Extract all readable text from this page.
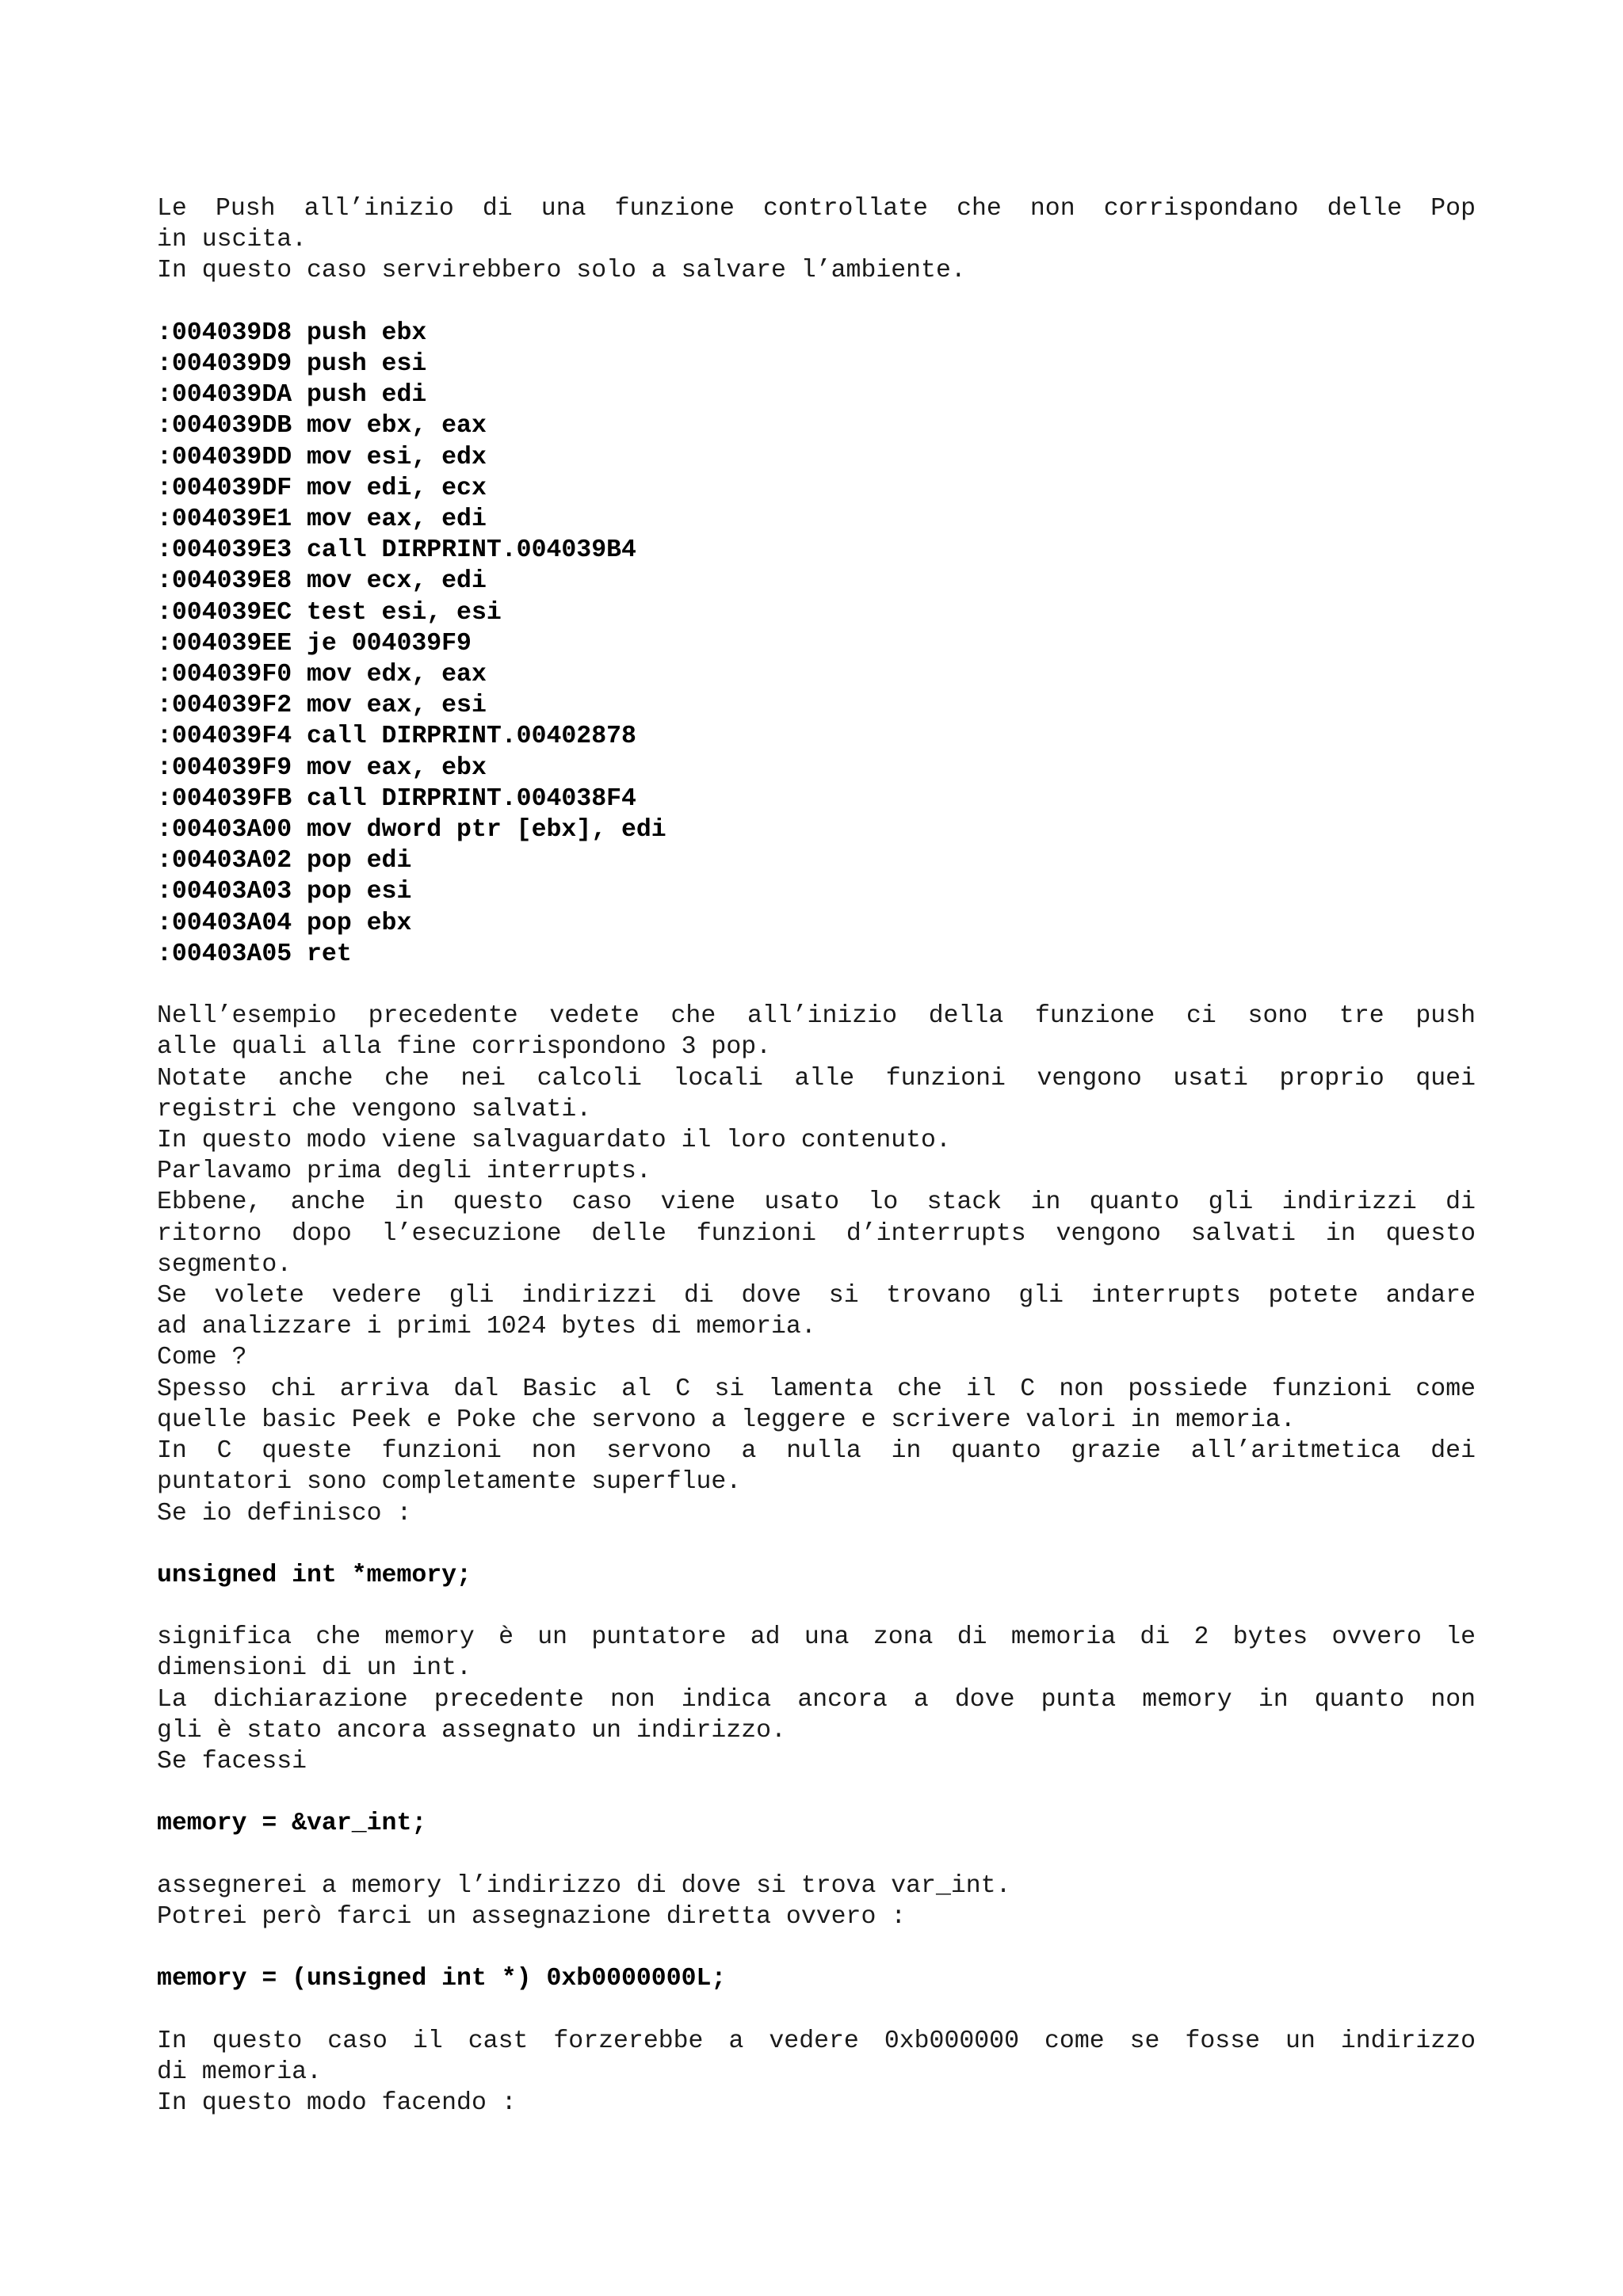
Le Push all’inizio di una funzione controllate che non corrispondano delle Pop
in uscita.
In questo caso servirebbero solo a salvare l’ambiente.
:004039D8 push ebx
:004039D9 push esi
:004039DA push edi
:004039DB mov ebx, eax
:004039DD mov esi, edx
:004039DF mov edi, ecx
:004039E1 mov eax, edi
:004039E3 call DIRPRINT.004039B4
:004039E8 mov ecx, edi
:004039EC test esi, esi
:004039EE je 004039F9
:004039F0 mov edx, eax
:004039F2 mov eax, esi
:004039F4 call DIRPRINT.00402878
:004039F9 mov eax, ebx
:004039FB call DIRPRINT.004038F4
:00403A00 mov dword ptr [ebx], edi
:00403A02 pop edi
:00403A03 pop esi
:00403A04 pop ebx
:00403A05 ret
Nell’esempio precedente vedete che all’inizio della funzione ci sono tre push
alle quali alla fine corrispondono 3 pop.
Notate anche che nei calcoli locali alle funzioni vengono usati proprio quei
registri che vengono salvati.
In questo modo viene salvaguardato il loro contenuto.
Parlavamo prima degli interrupts.
Ebbene, anche in questo caso viene usato lo stack in quanto gli indirizzi di
ritorno dopo l’esecuzione delle funzioni d’interrupts vengono salvati in questo
segmento.
Se volete vedere gli indirizzi di dove si trovano gli interrupts potete andare
ad analizzare i primi 1024 bytes di memoria.
Come ?
Spesso chi arriva dal Basic al C si lamenta che il C non possiede funzioni come
quelle basic Peek e Poke che servono a leggere e scrivere valori in memoria.
In C queste funzioni non servono a nulla in quanto grazie all’aritmetica dei
puntatori sono completamente superflue.
Se io definisco :
unsigned int *memory;
significa che memory è un puntatore ad una zona di memoria di 2 bytes ovvero le
dimensioni di un int.
La dichiarazione precedente non indica ancora a dove punta memory in quanto non
gli è stato ancora assegnato un indirizzo.
Se facessi
memory = &var_int;
assegnerei a memory l’indirizzo di dove si trova var_int.
Potrei però farci un assegnazione diretta ovvero :
memory = (unsigned int *) 0xb0000000L;
In questo caso il cast forzerebbe a vedere 0xb000000 come se fosse un indirizzo
di memoria.
In questo modo facendo :
